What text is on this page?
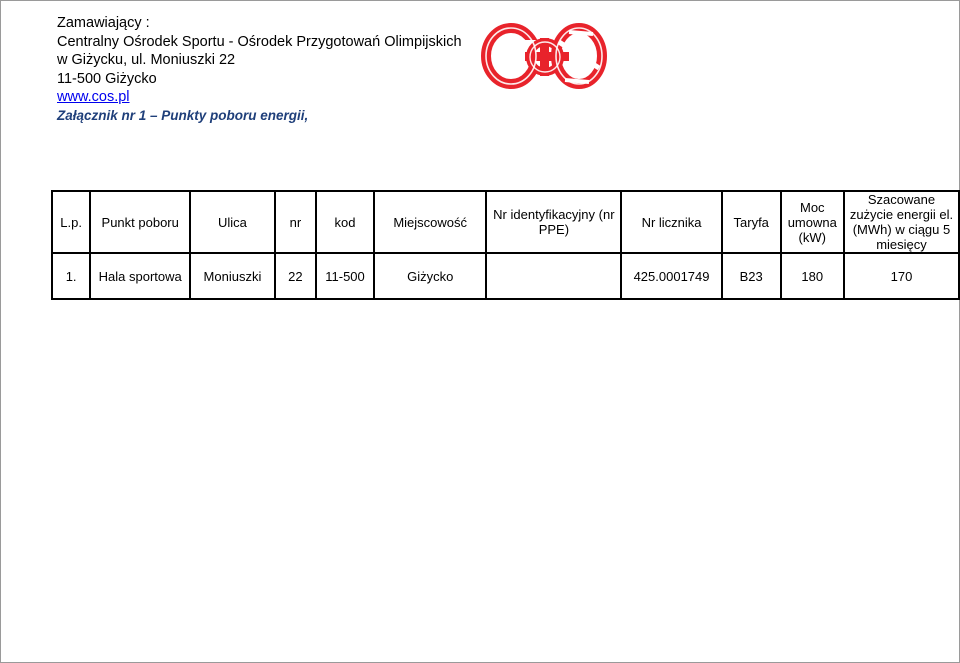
Zamawiający :
Centralny Ośrodek Sportu - Ośrodek Przygotowań Olimpijskich
w Giżycku, ul. Moniuszki 22
11-500 Giżycko
www.cos.pl
Załącznik nr 1 – Punkty poboru energii,
L.p.	Punkt poboru	Ulica	nr	kod	Miejscowość	Nr identyfikacyjny (nr PPE)	Nr licznika	Taryfa	Moc umowna (kW)	Szacowane zużycie energii el. (MWh) w ciągu 5 miesięcy
1.	Hala sportowa	Moniuszki	22	11-500	Giżycko		425.0001749	B23	180	170
